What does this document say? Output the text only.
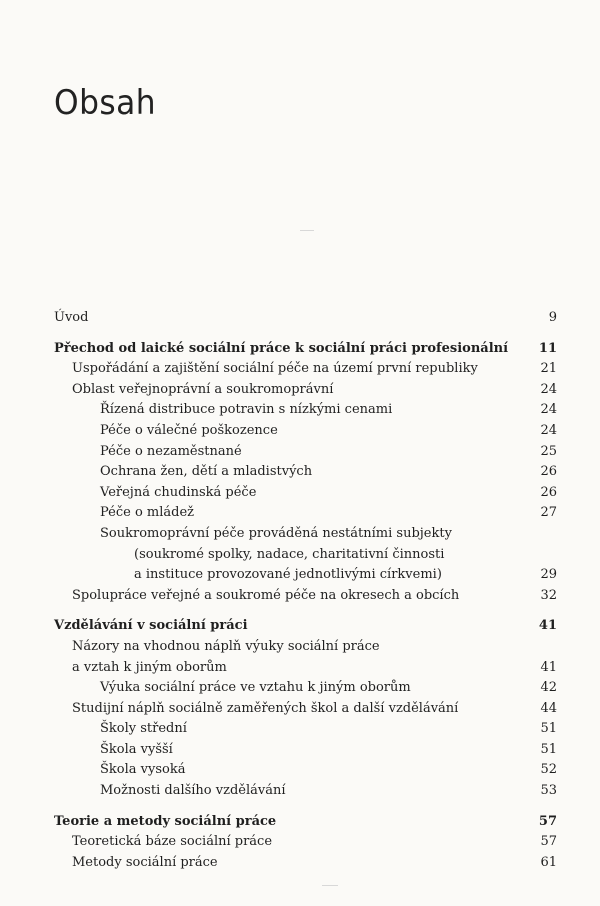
Obsah
Úvod	9
Přechod od laické sociální práce k sociální práci profesionální	11
Uspořádání a zajištění sociální péče na území první republiky	21
Oblast veřejnoprávní a soukromoprávní	24
Řízená distribuce potravin s nízkými cenami	24
Péče o válečné poškozence	24
Péče o nezaměstnané	25
Ochrana žen, dětí a mladistvých	26
Veřejná chudinská péče	26
Péče o mládež	27
Soukromoprávní péče prováděná nestátními subjekty
(soukromé spolky, nadace, charitativní činnosti
a instituce provozované jednotlivými církvemi)	29
Spolupráce veřejné a soukromé péče na okresech a obcích	32
Vzdělávání v sociální práci	41
Názory na vhodnou náplň výuky sociální práce
a vztah k jiným oborům	41
Výuka sociální práce ve vztahu k jiným oborům	42
Studijní náplň sociálně zaměřených škol a další vzdělávání	44
Školy střední	51
Škola vyšší	51
Škola vysoká	52
Možnosti dalšího vzdělávání	53
Teorie a metody sociální práce	57
Teoretická báze sociální práce	57
Metody sociální práce	61
